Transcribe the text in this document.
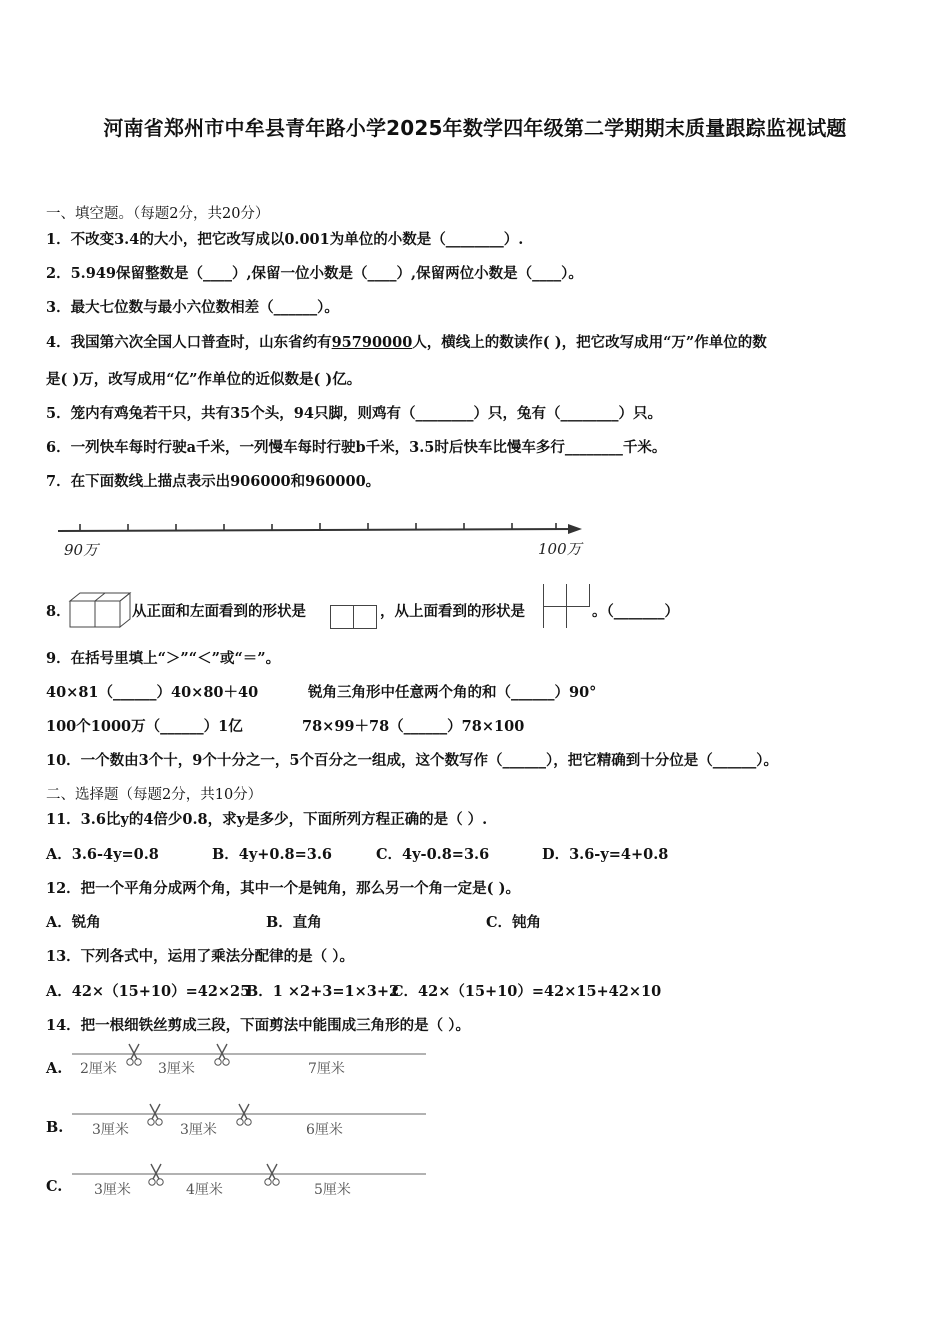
河南省郑州市中牟县青年路小学2025年数学四年级第二学期期末质量跟踪监视试题
一、填空题。（每题2分，共20分）
1．不改变3.4的大小，把它改写成以0.001为单位的小数是（________）.
2．5.949保留整数是（____）,保留一位小数是（____）,保留两位小数是（____）。
3．最大七位数与最小六位数相差（______）。
4．我国第六次全国人口普查时，山东省约有95790000人，横线上的数读作( )，把它改写成用“万”作单位的数
是( )万，改写成用“亿”作单位的近似数是( )亿。
5．笼内有鸡兔若干只，共有35个头，94只脚，则鸡有（________）只，兔有（________）只。
6．一列快车每时行驶a千米，一列慢车每时行驶b千米，3.5时后快车比慢车多行________千米。
7．在下面数线上描点表示出906000和960000。
90万	100万
8．	从正面和左面看到的形状是	，从上面看到的形状是	。（_______）
9．在括号里填上“＞”“＜”或“＝”。
40×81（______）40×80＋40	锐角三角形中任意两个角的和（______）90°
100个1000万（______）1亿	78×99＋78（______）78×100
10．一个数由3个十，9个十分之一，5个百分之一组成，这个数写作（______），把它精确到十分位是（______）。
二、选择题（每题2分，共10分）
11．3.6比y的4倍少0.8，求y是多少，下面所列方程正确的是（ ）.
A．3.6-4y=0.8	B．4y+0.8=3.6	C．4y-0.8=3.6	D．3.6-y=4+0.8
12．把一个平角分成两个角，其中一个是钝角，那么另一个角一定是( )。
A．锐角	B．直角	C．钝角
13．下列各式中，运用了乘法分配律的是（ ）。
A．42×（15+10）=42×25
B．1 ×2+3=1×3+2
C．42×（15+10）=42×15+42×10
14．把一根细铁丝剪成三段，下面剪法中能围成三角形的是（ ）。
A. 2厘米	3厘米	7厘米
B. 3厘米	3厘米	6厘米
C. 3厘米	4厘米	5厘米
